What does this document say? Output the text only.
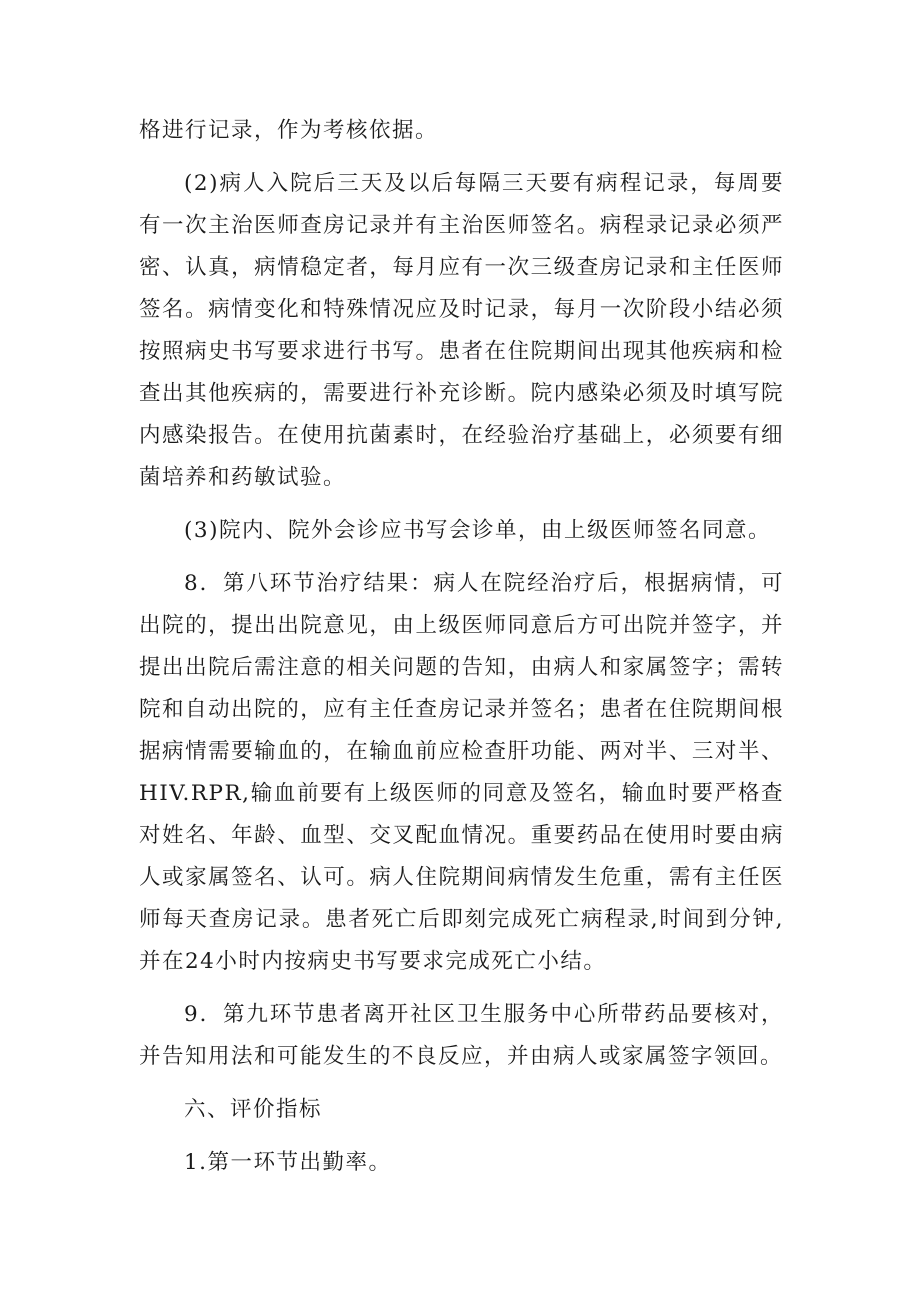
格进行记录，作为考核依据。

(2)病人入院后三天及以后每隔三天要有病程记录，每周要有一次主治医师查房记录并有主治医师签名。病程录记录必须严密、认真，病情稳定者，每月应有一次三级查房记录和主任医师签名。病情变化和特殊情况应及时记录，每月一次阶段小结必须按照病史书写要求进行书写。患者在住院期间出现其他疾病和检查出其他疾病的，需要进行补充诊断。院内感染必须及时填写院内感染报告。在使用抗菌素时，在经验治疗基础上，必须要有细菌培养和药敏试验。

(3)院内、院外会诊应书写会诊单，由上级医师签名同意。

8．第八环节治疗结果：病人在院经治疗后，根据病情，可出院的，提出出院意见，由上级医师同意后方可出院并签字，并提出出院后需注意的相关问题的告知，由病人和家属签字；需转院和自动出院的，应有主任查房记录并签名；患者在住院期间根据病情需要输血的，在输血前应检查肝功能、两对半、三对半、HIV.RPR,输血前要有上级医师的同意及签名，输血时要严格查对姓名、年龄、血型、交叉配血情况。重要药品在使用时要由病人或家属签名、认可。病人住院期间病情发生危重，需有主任医师每天查房记录。患者死亡后即刻完成死亡病程录,时间到分钟,并在24小时内按病史书写要求完成死亡小结。

9．第九环节患者离开社区卫生服务中心所带药品要核对，并告知用法和可能发生的不良反应，并由病人或家属签字领回。

六、评价指标

1.第一环节出勤率。
